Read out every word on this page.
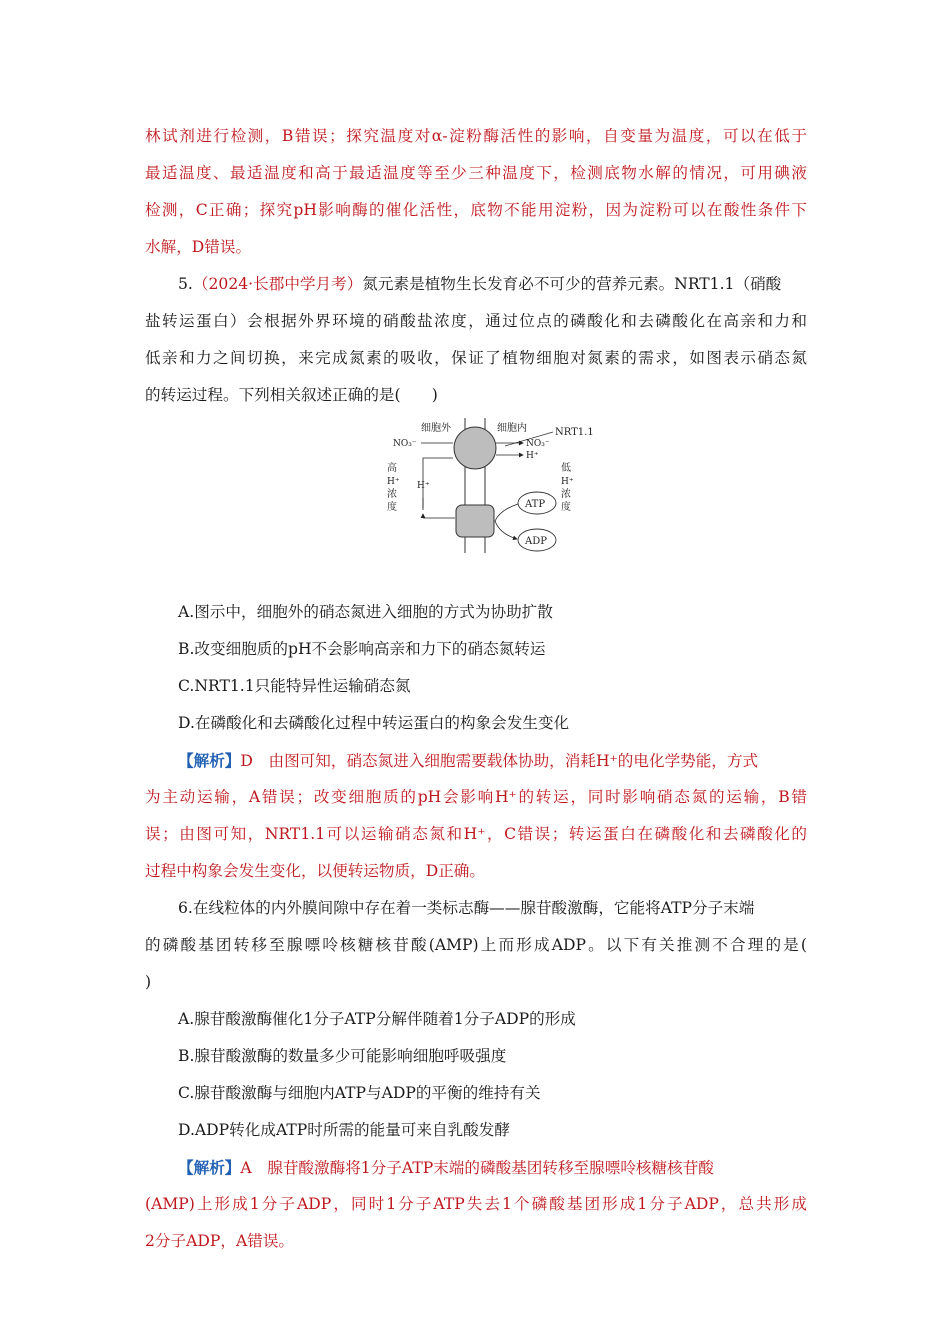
林试剂进行检测，B错误；探究温度对α-淀粉酶活性的影响，自变量为温度，可以在低于
最适温度、最适温度和高于最适温度等至少三种温度下，检测底物水解的情况，可用碘液
检测，C正确；探究pH影响酶的催化活性，底物不能用淀粉，因为淀粉可以在酸性条件下
水解，D错误。
5.（2024·长郡中学月考）氮元素是植物生长发育必不可少的营养元素。NRT1.1（硝酸
盐转运蛋白）会根据外界环境的硝酸盐浓度，通过位点的磷酸化和去磷酸化在高亲和力和
低亲和力之间切换，来完成氮素的吸收，保证了植物细胞对氮素的需求，如图表示硝态氮
的转运过程。下列相关叙述正确的是(　　)
细胞外	细胞内	NRT1.1
NO₃⁻	NO₃⁻
H⁺
H⁺
高
H⁺
浓
度
低
H⁺
浓
度
ATP
ADP
A.图示中，细胞外的硝态氮进入细胞的方式为协助扩散
B.改变细胞质的pH不会影响高亲和力下的硝态氮转运
C.NRT1.1只能特异性运输硝态氮
D.在磷酸化和去磷酸化过程中转运蛋白的构象会发生变化
【解析】D　由图可知，硝态氮进入细胞需要载体协助，消耗H⁺的电化学势能，方式
为主动运输，A错误；改变细胞质的pH会影响H⁺的转运，同时影响硝态氮的运输，B错
误；由图可知，NRT1.1可以运输硝态氮和H⁺，C错误；转运蛋白在磷酸化和去磷酸化的
过程中构象会发生变化，以便转运物质，D正确。
6.在线粒体的内外膜间隙中存在着一类标志酶——腺苷酸激酶，它能将ATP分子末端
的磷酸基团转移至腺嘌呤核糖核苷酸(AMP)上而形成ADP。以下有关推测不合理的是(
)
A.腺苷酸激酶催化1分子ATP分解伴随着1分子ADP的形成
B.腺苷酸激酶的数量多少可能影响细胞呼吸强度
C.腺苷酸激酶与细胞内ATP与ADP的平衡的维持有关
D.ADP转化成ATP时所需的能量可来自乳酸发酵
【解析】A　腺苷酸激酶将1分子ATP末端的磷酸基团转移至腺嘌呤核糖核苷酸
(AMP)上形成1分子ADP，同时1分子ATP失去1个磷酸基团形成1分子ADP，总共形成
2分子ADP，A错误。
